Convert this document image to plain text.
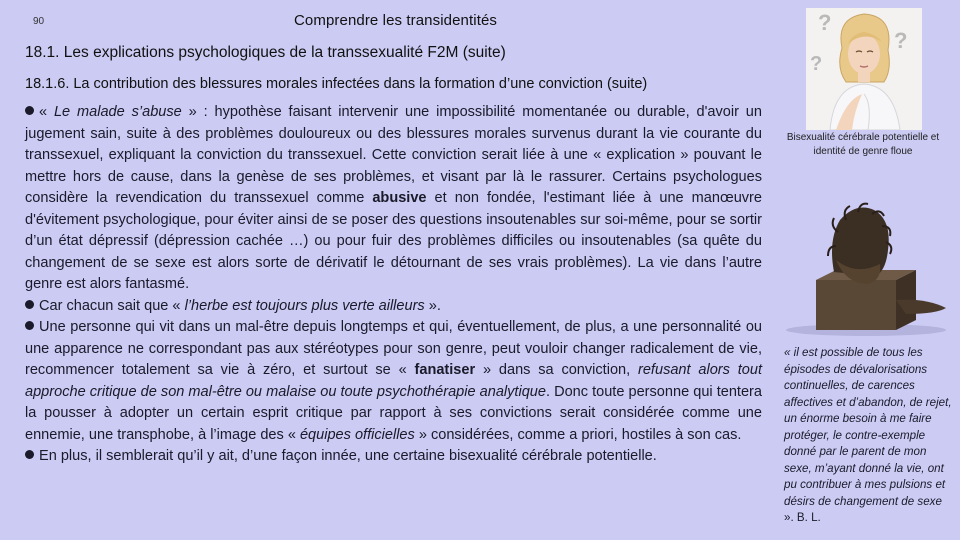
90	Comprendre les transidentités
18.1. Les explications psychologiques de la transsexualité F2M (suite)
18.1.6. La contribution des blessures morales infectées dans la formation d’une conviction (suite)

« Le malade s’abuse » : hypothèse faisant intervenir une impossibilité momentanée ou durable, d'avoir un jugement sain, suite à des problèmes douloureux ou des blessures morales survenus durant la vie courante du transsexuel, expliquant la conviction du transsexuel. Cette conviction serait liée à une « explication » pouvant le mettre hors de cause, dans la genèse de ses problèmes, et visant par là le rassurer. Certains psychologues considère la revendication du transsexuel comme abusive et non fondée, l'estimant liée à une manœuvre d'évitement psychologique, pour éviter ainsi de se poser des questions insoutenables sur soi-même, pour se sortir d’un état dépressif (dépression cachée …) ou pour fuir des problèmes difficiles ou insoutenables (sa quête du changement de se sexe est alors sorte de dérivatif le détournant de ses vrais problèmes). La vie dans l’autre genre est alors fantasmé.

Car chacun sait que « l’herbe est toujours plus verte ailleurs ».

Une personne qui vit dans un mal-être depuis longtemps et qui, éventuellement, de plus, a une personnalité ou une apparence ne correspondant pas aux stéréotypes pour son genre, peut vouloir changer radicalement de vie, recommencer totalement sa vie à zéro, et surtout se « fanatiser » dans sa conviction, refusant alors tout approche critique de son mal-être ou malaise ou toute psychothérapie analytique. Donc toute personne qui tentera la pousser à adopter un certain esprit critique par rapport à ses convictions serait considérée comme une ennemie, une transphobe, à l’image des « équipes officielles » considérées, comme a priori, hostiles à son cas.

En plus, il semblerait qu’il y ait, d’une façon innée, une certaine bisexualité cérébrale potentielle.

?
?
?
Bisexualité cérébrale potentielle et identité de genre floue
« il est possible de tous les épisodes de dévalorisations continuelles, de carences affectives et d’abandon, de rejet, un énorme besoin à me faire protéger, le contre-exemple donné par le parent de mon sexe, m’ayant donné la vie, ont pu contribuer à mes pulsions et désirs de changement de sexe ». B. L.
